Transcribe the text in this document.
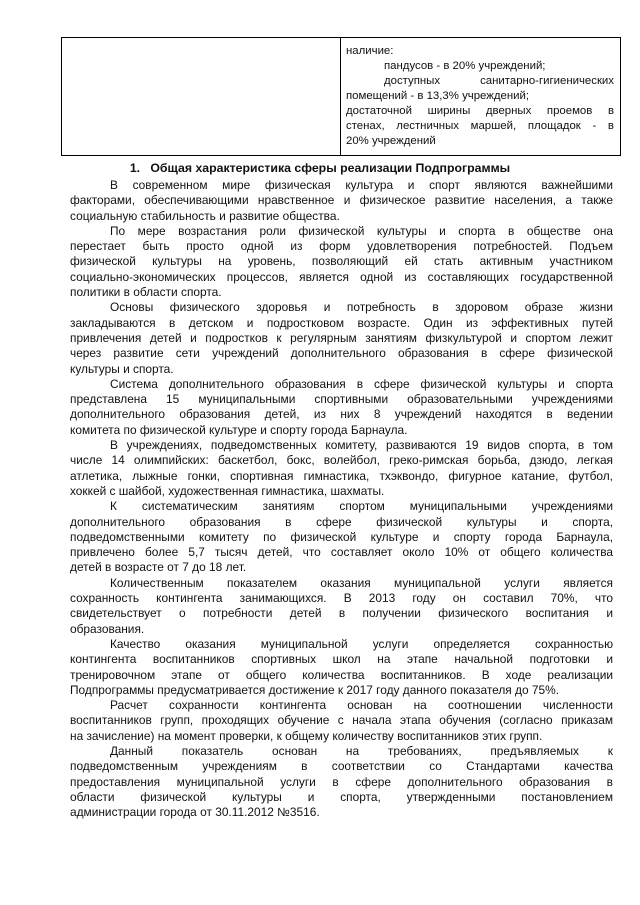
наличие:
пандусов - в 20% учреждений;
доступных санитарно-гигиенических
помещений - в 13,3% учреждений;
достаточной ширины дверных проемов в
стенах, лестничных маршей, площадок - в
20% учреждений
1. Общая характеристика сферы реализации Подпрограммы
В современном мире физическая культура и спорт являются важнейшими
факторами, обеспечивающими нравственное и физическое развитие населения, а также
социальную стабильность и развитие общества.
По мере возрастания роли физической культуры и спорта в обществе она
перестает быть просто одной из форм удовлетворения потребностей. Подъем
физической культуры на уровень, позволяющий ей стать активным участником
социально-экономических процессов, является одной из составляющих государственной
политики в области спорта.
Основы физического здоровья и потребность в здоровом образе жизни
закладываются в детском и подростковом возрасте. Один из эффективных путей
привлечения детей и подростков к регулярным занятиям физкультурой и спортом лежит
через развитие сети учреждений дополнительного образования в сфере физической
культуры и спорта.
Система дополнительного образования в сфере физической культуры и спорта
представлена 15 муниципальными спортивными образовательными учреждениями
дополнительного образования детей, из них 8 учреждений находятся в ведении
комитета по физической культуре и спорту города Барнаула.
В учреждениях, подведомственных комитету, развиваются 19 видов спорта, в том
числе 14 олимпийских: баскетбол, бокс, волейбол, греко-римская борьба, дзюдо, легкая
атлетика, лыжные гонки, спортивная гимнастика, тхэквондо, фигурное катание, футбол,
хоккей с шайбой, художественная гимнастика, шахматы.
К систематическим занятиям спортом муниципальными учреждениями
дополнительного образования в сфере физической культуры и спорта,
подведомственными комитету по физической культуре и спорту города Барнаула,
привлечено более 5,7 тысяч детей, что составляет около 10% от общего количества
детей в возрасте от 7 до 18 лет.
Количественным показателем оказания муниципальной услуги является
сохранность контингента занимающихся. В 2013 году он составил 70%, что
свидетельствует о потребности детей в получении физического воспитания и
образования.
Качество оказания муниципальной услуги определяется сохранностью
контингента воспитанников спортивных школ на этапе начальной подготовки и
тренировочном этапе от общего количества воспитанников. В ходе реализации
Подпрограммы предусматривается достижение к 2017 году данного показателя до 75%.
Расчет сохранности контингента основан на соотношении численности
воспитанников групп, проходящих обучение с начала этапа обучения (согласно приказам
на зачисление) на момент проверки, к общему количеству воспитанников этих групп.
Данный показатель основан на требованиях, предъявляемых к
подведомственным учреждениям в соответствии со Стандартами качества
предоставления муниципальной услуги в сфере дополнительного образования в
области физической культуры и спорта, утвержденными постановлением
администрации города от 30.11.2012 №3516.
